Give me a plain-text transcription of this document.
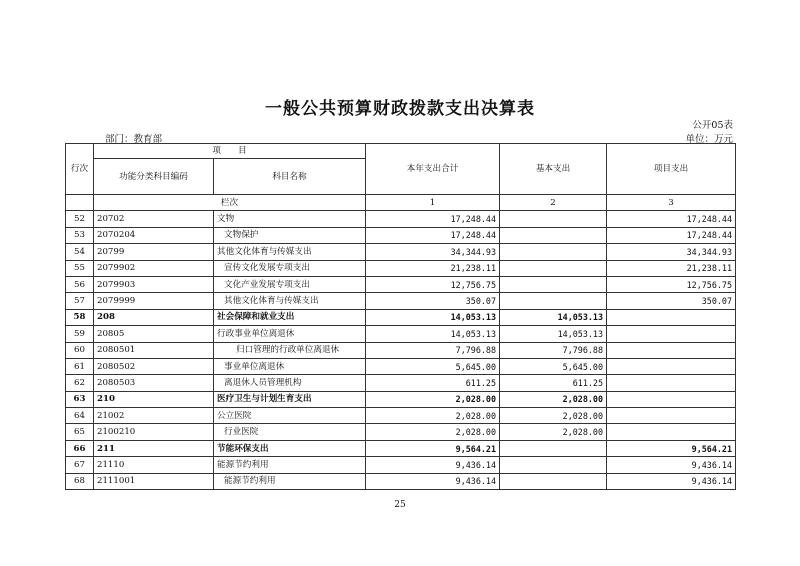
一般公共预算财政拨款支出决算表
公开05表
部门：教育部	单位：万元
行次	项　　目		本年支出合计	基本支出	项目支出
	功能分类科目编码	科目名称			
	栏次		1	2	3
52	20702	文物	17,248.44		17,248.44
53	2070204	文物保护	17,248.44		17,248.44
54	20799	其他文化体育与传媒支出	34,344.93		34,344.93
55	2079902	宣传文化发展专项支出	21,238.11		21,238.11
56	2079903	文化产业发展专项支出	12,756.75		12,756.75
57	2079999	其他文化体育与传媒支出	350.07		350.07
58	208	社会保障和就业支出	14,053.13	14,053.13	
59	20805	行政事业单位离退休	14,053.13	14,053.13	
60	2080501	归口管理的行政单位离退休	7,796.88	7,796.88	
61	2080502	事业单位离退休	5,645.00	5,645.00	
62	2080503	离退休人员管理机构	611.25	611.25	
63	210	医疗卫生与计划生育支出	2,028.00	2,028.00	
64	21002	公立医院	2,028.00	2,028.00	
65	2100210	行业医院	2,028.00	2,028.00	
66	211	节能环保支出	9,564.21		9,564.21
67	21110	能源节约利用	9,436.14		9,436.14
68	2111001	能源节约利用	9,436.14		9,436.14
25
